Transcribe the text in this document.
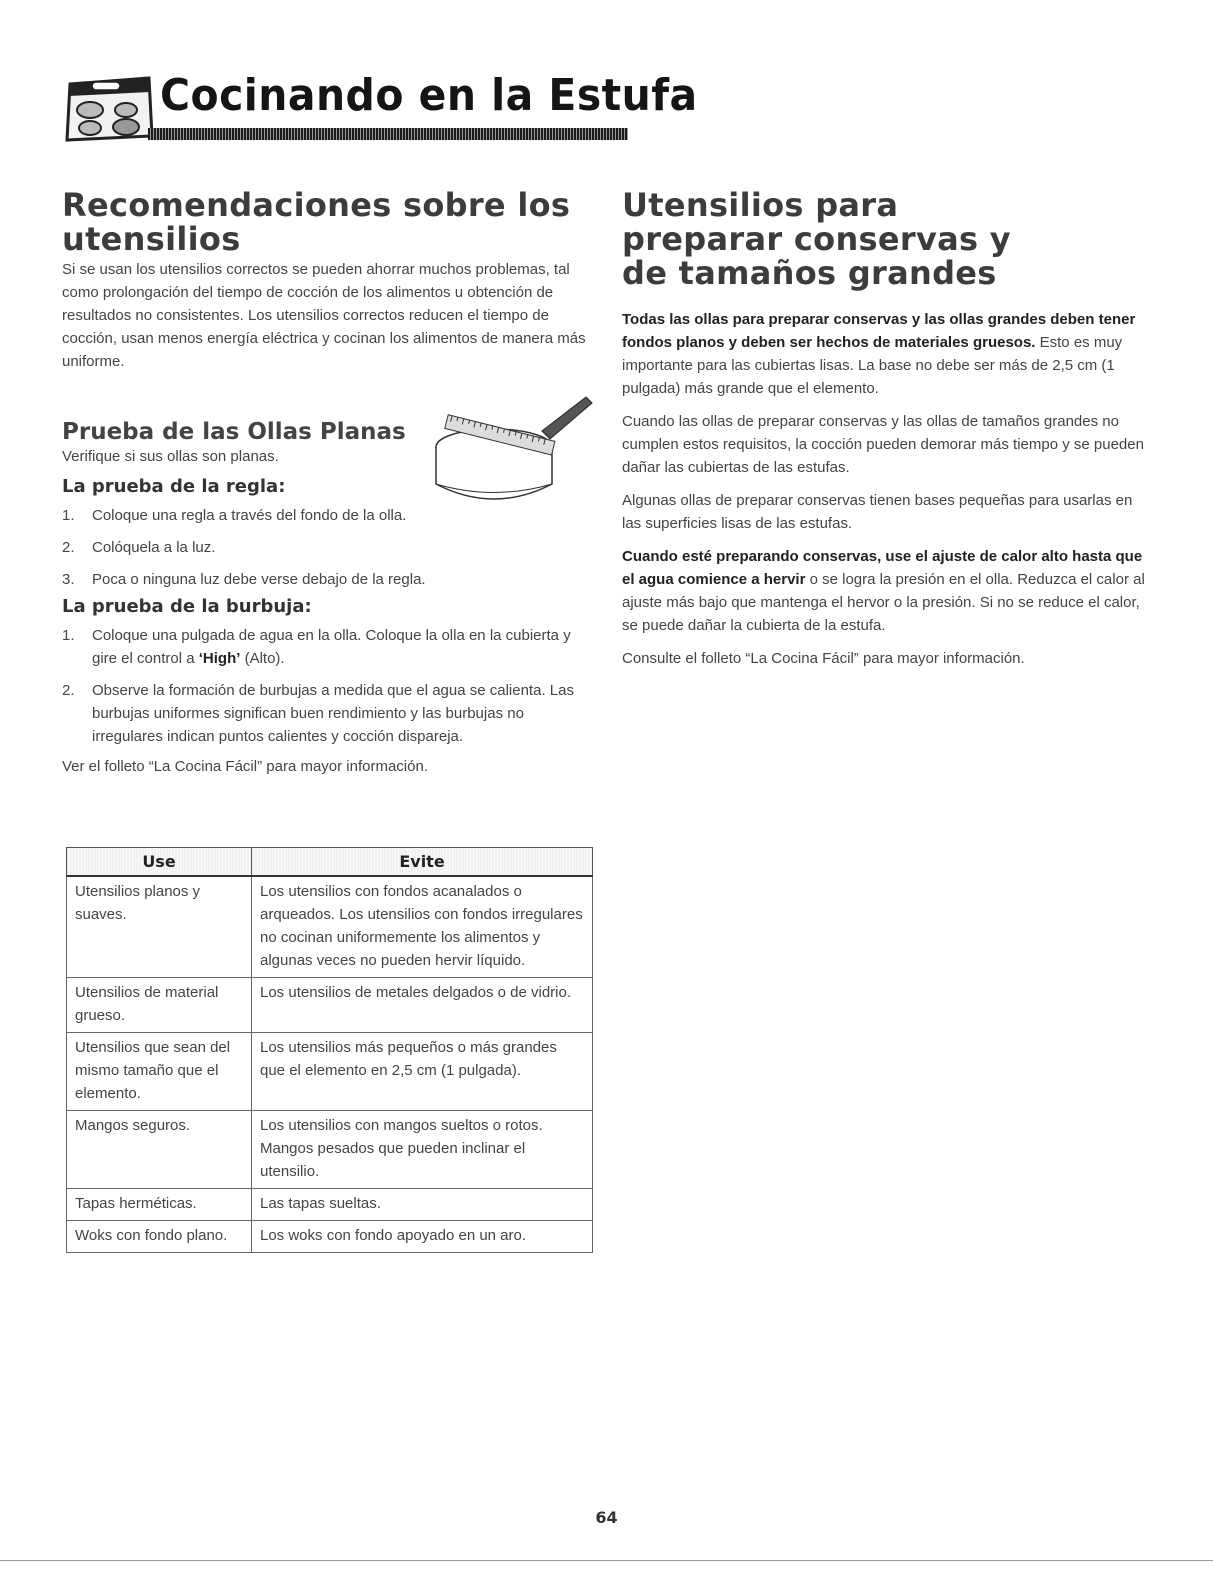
Cocinando en la Estufa
Recomendaciones sobre los utensilios

Si se usan los utensilios correctos se pueden ahorrar muchos problemas, tal como prolongación del tiempo de cocción de los alimentos u obtención de resultados no consistentes. Los utensilios correctos reducen el tiempo de cocción, usan menos energía eléctrica y cocinan los alimentos de manera más uniforme.

Prueba de las Ollas Planas

Verifique si sus ollas son planas.

La prueba de la regla:
1. Coloque una regla a través del fondo de la olla.
2. Colóquela a la luz.
3. Poca o ninguna luz debe verse debajo de la regla.
La prueba de la burbuja:
1. Coloque una pulgada de agua en la olla. Coloque la olla en la cubierta y gire el control a ‘High’ (Alto).
2. Observe la formación de burbujas a medida que el agua se calienta. Las burbujas uniformes significan buen rendimiento y las burbujas no irregulares indican puntos calientes y cocción dispareja.

Ver el folleto “La Cocina Fácil” para mayor información.

Use	Evite
Utensilios planos y suaves.	Los utensilios con fondos acanalados o arqueados. Los utensilios con fondos irregulares no cocinan uniformemente los alimentos y algunas veces no pueden hervir líquido.
Utensilios de material grueso.	Los utensilios de metales delgados o de vidrio.
Utensilios que sean del mismo tamaño que el elemento.	Los utensilios más pequeños o más grandes que el elemento en 2,5 cm (1 pulgada).
Mangos seguros.	Los utensilios con mangos sueltos o rotos. Mangos pesados que pueden inclinar el utensilio.
Tapas herméticas.	Las tapas sueltas.
Woks con fondo plano.	Los woks con fondo apoyado en un aro.
Utensilios para preparar conservas y de tamaños grandes

Todas las ollas para preparar conservas y las ollas grandes deben tener fondos planos y deben ser hechos de materiales gruesos. Esto es muy importante para las cubiertas lisas. La base no debe ser más de 2,5 cm (1 pulgada) más grande que el elemento.

Cuando las ollas de preparar conservas y las ollas de tamaños grandes no cumplen estos requisitos, la cocción pueden demorar más tiempo y se pueden dañar las cubiertas de las estufas.

Algunas ollas de preparar conservas tienen bases pequeñas para usarlas en las superficies lisas de las estufas.

Cuando esté preparando conservas, use el ajuste de calor alto hasta que el agua comience a hervir o se logra la presión en el olla. Reduzca el calor al ajuste más bajo que mantenga el hervor o la presión. Si no se reduce el calor, se puede dañar la cubierta de la estufa.

Consulte el folleto “La Cocina Fácil” para mayor información.

64
